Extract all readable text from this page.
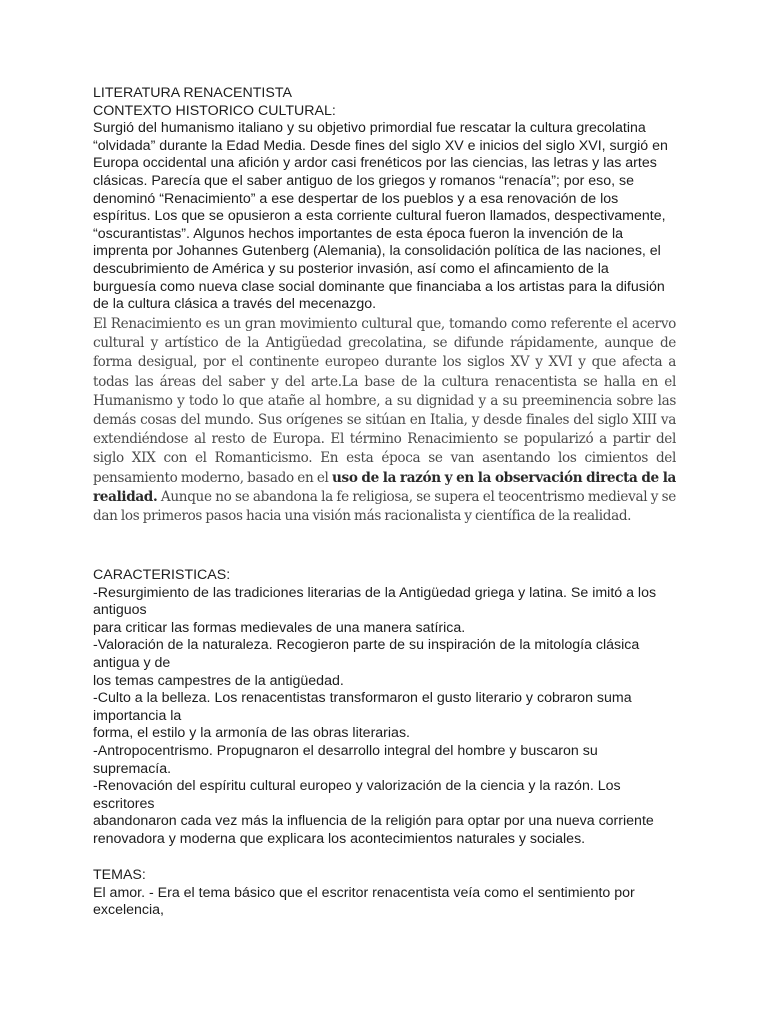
LITERATURA RENACENTISTA
CONTEXTO HISTORICO CULTURAL:
Surgió del humanismo italiano y su objetivo primordial fue rescatar la cultura grecolatina
“olvidada” durante la Edad Media. Desde fines del siglo XV e inicios del siglo XVI, surgió en
Europa occidental una afición y ardor casi frenéticos por las ciencias, las letras y las artes
clásicas. Parecía que el saber antiguo de los griegos y romanos “renacía”; por eso, se
denominó “Renacimiento” a ese despertar de los pueblos y a esa renovación de los
espíritus. Los que se opusieron a esta corriente cultural fueron llamados, despectivamente,
“oscurantistas”. Algunos hechos importantes de esta época fueron la invención de la
imprenta por Johannes Gutenberg (Alemania), la consolidación política de las naciones, el
descubrimiento de América y su posterior invasión, así como el afincamiento de la
burguesía como nueva clase social dominante que financiaba a los artistas para la difusión
de la cultura clásica a través del mecenazgo.

El Renacimiento es un gran movimiento cultural que, tomando como referente el acervo cultural y artístico de la Antigüedad grecolatina, se difunde rápidamente, aunque de forma desigual, por el continente europeo durante los siglos XV y XVI y que afecta a todas las áreas del saber y del arte.La base de la cultura renacentista se halla en el Humanismo y todo lo que atañe al hombre, a su dignidad y a su preeminencia sobre las demás cosas del mundo. Sus orígenes se sitúan en Italia, y desde finales del siglo XIII va extendiéndose al resto de Europa. El término Renacimiento se popularizó a partir del siglo XIX con el Romanticismo. En esta época se van asentando los cimientos del pensamiento moderno, basado en el uso de la razón y en la observación directa de la realidad. Aunque no se abandona la fe religiosa, se supera el teocentrismo medieval y se dan los primeros pasos hacia una visión más racionalista y científica de la realidad.

CARACTERISTICAS:
-Resurgimiento de las tradiciones literarias de la Antigüedad griega y latina. Se imitó a los
antiguos
para criticar las formas medievales de una manera satírica.
-Valoración de la naturaleza. Recogieron parte de su inspiración de la mitología clásica
antigua y de
los temas campestres de la antigüedad.
-Culto a la belleza. Los renacentistas transformaron el gusto literario y cobraron suma
importancia la
forma, el estilo y la armonía de las obras literarias.
-Antropocentrismo. Propugnaron el desarrollo integral del hombre y buscaron su
supremacía.
-Renovación del espíritu cultural europeo y valorización de la ciencia y la razón. Los
escritores
abandonaron cada vez más la influencia de la religión para optar por una nueva corriente
renovadora y moderna que explicara los acontecimientos naturales y sociales.
TEMAS:
El amor. - Era el tema básico que el escritor renacentista veía como el sentimiento por
excelencia,
